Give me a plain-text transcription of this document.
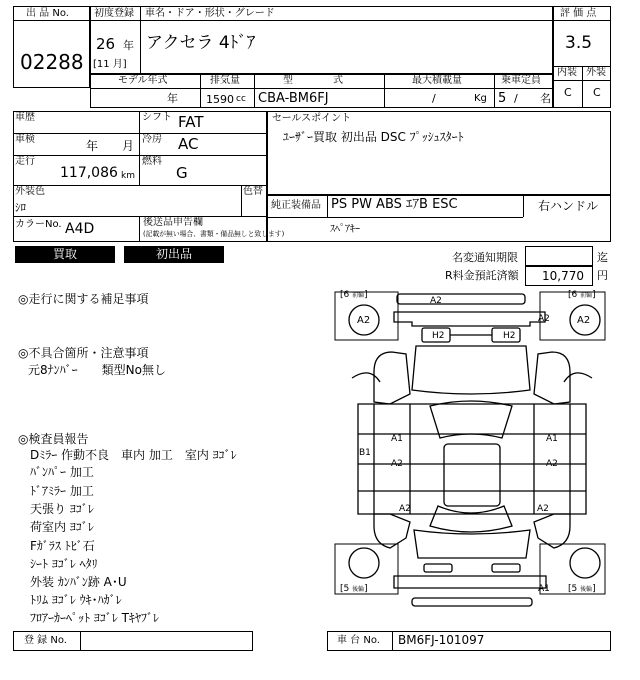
出 品 No.
02288
初度登録 車名・ドア・形状・グレード
26 年
[11 月]
アクセラ 4ﾄﾞｱ
評 価 点
3.5
内装 外装
C C
モデル年式	排気量	型　　　　式	最大積載量	乗車定員
年	1590 cc CBA-BM6FJ	/	Kg 5 / 名
車歴	シフト FAT
車検	年 月 冷房 AC
走行
117,086 km
燃料
G
外装色
ｼﾛ
色替
カラーNo. A4D	後送品申告欄
(記載が無い場合、書類・備品無しと致します)
セールスポイント
ﾕｰｻﾞｰ買取 初出品 DSC ﾌﾟｯｼｭｽﾀｰﾄ
純正装備品 PS PW ABS ｴｱB ESC	右ハンドル
ｽﾍﾟｱｷｰ
買取	初出品	名変通知期限	迄
R料金預託済額 10,770 円
◎走行に関する補足事項
◎不具合箇所・注意事項
元8ﾅﾝﾊﾞｰ　　類型No無し
◎検査員報告
Dﾐﾗｰ 作動不良　車内 加工　室内 ﾖｺﾞﾚ
ﾊﾞﾝﾊﾟｰ 加工
ﾄﾞｱﾐﾗｰ 加工
天張り ﾖｺﾞﾚ
荷室内 ﾖｺﾞﾚ
Fｶﾞﾗｽ ﾄﾋﾞ石
ｼｰﾄ ﾖｺﾞﾚ ﾍﾀﾘ
外装 ｶﾝﾊﾞﾝ跡 A･U
ﾄﾘﾑ ﾖｺﾞﾚ ｳｷ･ﾊｶﾞﾚ
ﾌﾛｱｰｶｰﾍﾟｯﾄ ﾖｺﾞﾚ Tｷﾔﾌﾞﾚ
[6 前輪]	[6 前輪]
[5 後輪]	[5 後輪]
A2
A2	A2
A2
H2	H2
B1
A1
A2
A1
A2
A2	A2
A1
登 録 No.	車 台 No. BM6FJ-101097
